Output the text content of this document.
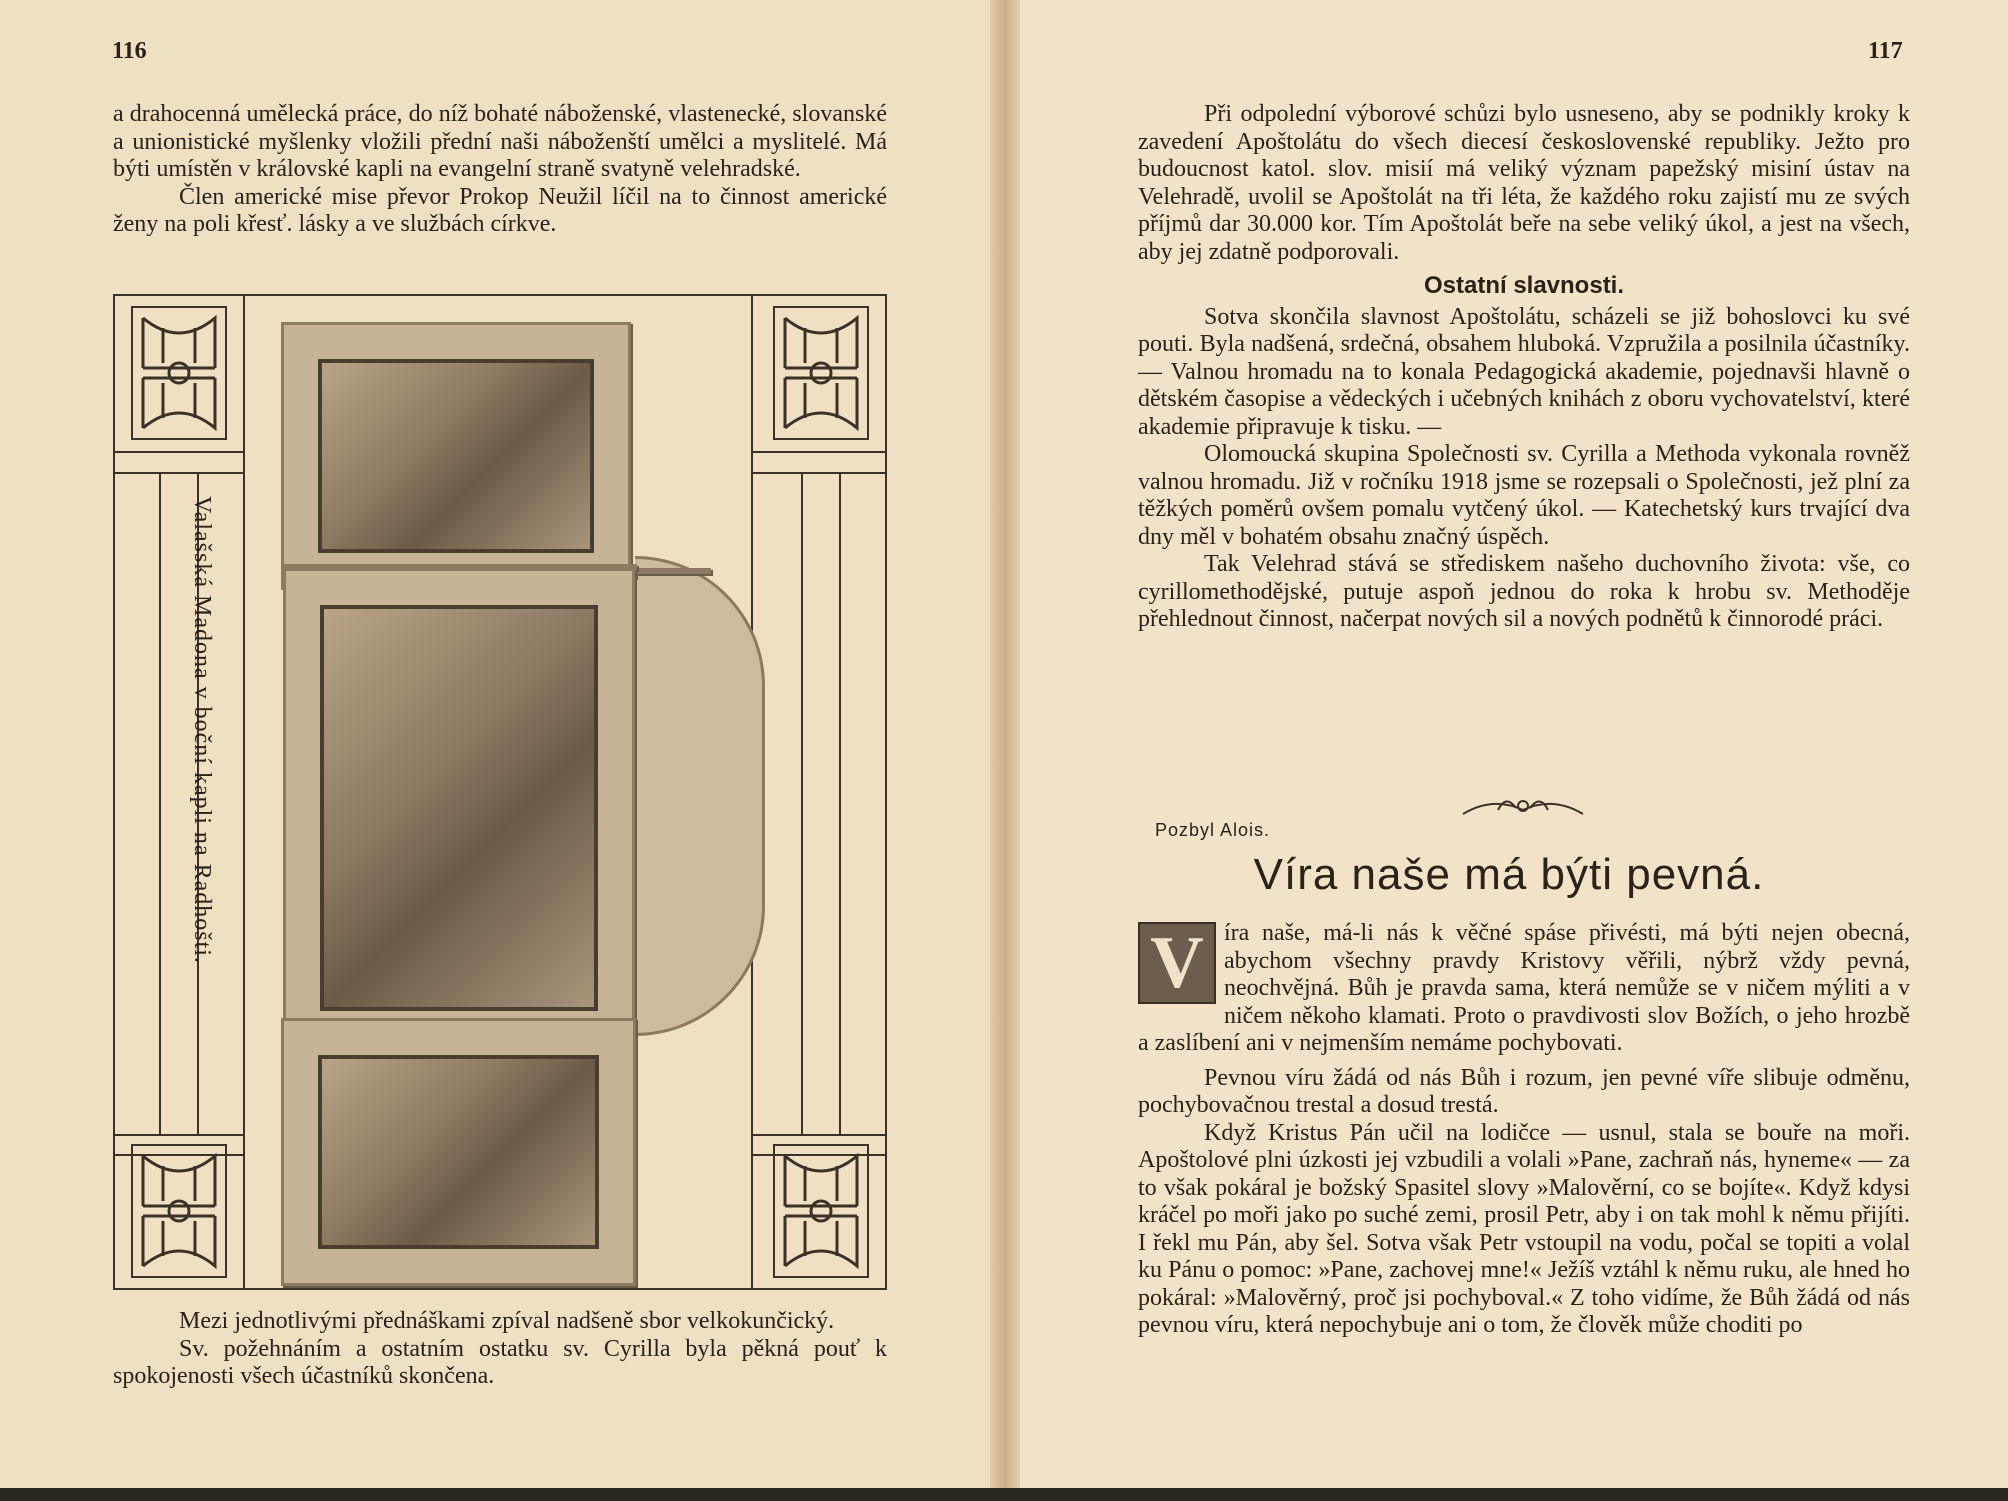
116

a drahocenná umělecká práce, do níž bohaté náboženské, vlastenecké, slovanské a unionistické myšlenky vložili přední naši náboženští umělci a myslitelé. Má býti umístěn v královské kapli na evangelní straně svatyně velehradské.

Člen americké mise převor Prokop Neužil líčil na to činnost americké ženy na poli křesť. lásky a ve službách církve.

Valašská Madona v boční kapli na Radhošti.

Mezi jednotlivými přednáškami zpíval nadšeně sbor velkokunčický.

Sv. požehnáním a ostatním ostatku sv. Cyrilla byla pěkná pouť k spokojenosti všech účastníků skončena.

117

Při odpolední výborové schůzi bylo usneseno, aby se podnikly kroky k zavedení Apoštolátu do všech diecesí československé republiky. Ježto pro budoucnost katol. slov. misií má veliký význam papežský misiní ústav na Velehradě, uvolil se Apoštolát na tři léta, že každého roku zajistí mu ze svých příjmů dar 30.000 kor. Tím Apoštolát beře na sebe veliký úkol, a jest na všech, aby jej zdatně podporovali.

Ostatní slavnosti.

Sotva skončila slavnost Apoštolátu, scházeli se již bohoslovci ku své pouti. Byla nadšená, srdečná, obsahem hluboká. Vzpružila a posilnila účastníky. — Valnou hromadu na to konala Pedagogická akademie, pojednavši hlavně o dětském časopise a vědeckých i učebných knihách z oboru vychovatelství, které akademie připravuje k tisku. —

Olomoucká skupina Společnosti sv. Cyrilla a Methoda vykonala rovněž valnou hromadu. Již v ročníku 1918 jsme se rozepsali o Společnosti, jež plní za těžkých poměrů ovšem pomalu vytčený úkol. — Katechetský kurs trvající dva dny měl v bohatém obsahu značný úspěch.

Tak Velehrad stává se střediskem našeho duchovního života: vše, co cyrillomethodějské, putuje aspoň jednou do roka k hrobu sv. Methoděje přehlednout činnost, načerpat nových sil a nových podnětů k činnorodé práci.

Pozbyl Alois.
Víra naše má býti pevná.

V íra naše, má-li nás k věčné spáse přivésti, má býti nejen obecná, abychom všechny pravdy Kristovy věřili, nýbrž vždy pevná, neochvějná. Bůh je pravda sama, která nemůže se v ničem mýliti a v ničem někoho klamati. Proto o pravdivosti slov Božích, o jeho hrozbě a zaslíbení ani v nejmenším nemáme pochybovati.

Pevnou víru žádá od nás Bůh i rozum, jen pevné víře slibuje odměnu, pochybovačnou trestal a dosud trestá.

Když Kristus Pán učil na lodičce — usnul, stala se bouře na moři. Apoštolové plni úzkosti jej vzbudili a volali »Pane, zachraň nás, hyneme« — za to však pokáral je božský Spasitel slovy »Malověrní, co se bojíte«. Když kdysi kráčel po moři jako po suché zemi, prosil Petr, aby i on tak mohl k němu přijíti. I řekl mu Pán, aby šel. Sotva však Petr vstoupil na vodu, počal se topiti a volal ku Pánu o pomoc: »Pane, zachovej mne!« Ježíš vztáhl k němu ruku, ale hned ho pokáral: »Malověrný, proč jsi pochyboval.« Z toho vidíme, že Bůh žádá od nás pevnou víru, která nepochybuje ani o tom, že člověk může choditi po
